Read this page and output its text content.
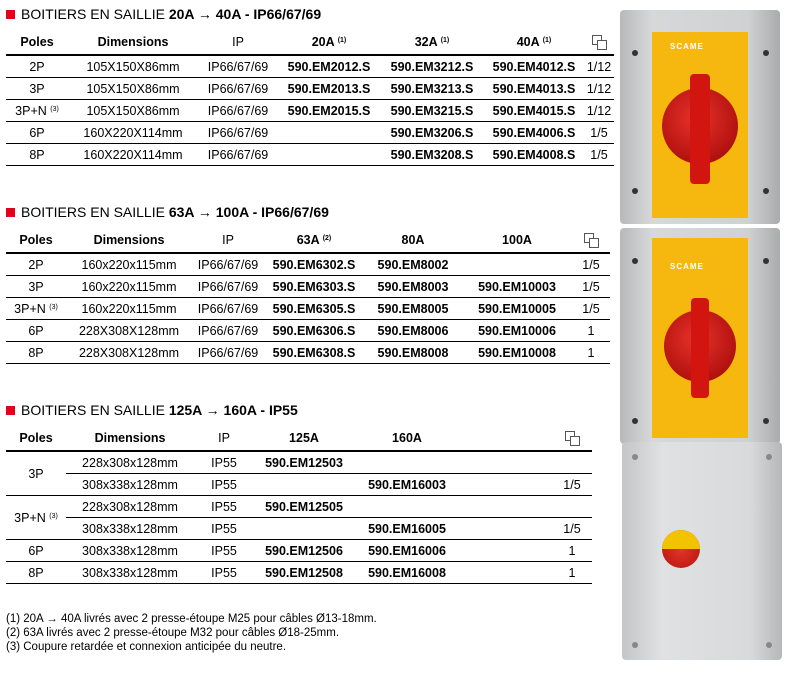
BOITIERS EN SAILLIE
20A → 40A - IP66/67/69
Poles	Dimensions	IP	20A $^{(1)}$	32A $^{(1)}$	40A $^{(1)}$	

2P	105X150X86mm	IP66/67/69	590.EM2012.S	590.EM3212.S	590.EM4012.S	1/12
3P	105X150X86mm	IP66/67/69	590.EM2013.S	590.EM3213.S	590.EM4013.S	1/12
3P+N $^{(3)}$	105X150X86mm	IP66/67/69	590.EM2015.S	590.EM3215.S	590.EM4015.S	1/12
6P	160X220X114mm	IP66/67/69		590.EM3206.S	590.EM4006.S	1/5
8P	160X220X114mm	IP66/67/69		590.EM3208.S	590.EM4008.S	1/5
BOITIERS EN SAILLIE
63A → 100A - IP66/67/69
Poles	Dimensions	IP	63A $^{(2)}$	80A	100A	

2P	160x220x115mm	IP66/67/69	590.EM6302.S	590.EM8002		1/5
3P	160x220x115mm	IP66/67/69	590.EM6303.S	590.EM8003	590.EM10003	1/5
3P+N $^{(3)}$	160x220x115mm	IP66/67/69	590.EM6305.S	590.EM8005	590.EM10005	1/5
6P	228X308X128mm	IP66/67/69	590.EM6306.S	590.EM8006	590.EM10006	1
8P	228X308X128mm	IP66/67/69	590.EM6308.S	590.EM8008	590.EM10008	1
BOITIERS EN SAILLIE
125A → 160A - IP55
Poles	Dimensions	IP	125A	160A		

3P	228x308x128mm	IP55	590.EM12503			
	308x338x128mm	IP55		590.EM16003		1/5
3P+N $^{(3)}$	228x308x128mm	IP55	590.EM12505			
	308x338x128mm	IP55		590.EM16005		1/5
6P	308x338x128mm	IP55	590.EM12506	590.EM16006		1
8P	308x338x128mm	IP55	590.EM12508	590.EM16008		1
(1) 20A → 40A livrés avec 2 presse-étoupe M25 pour câbles Ø13-18mm.
(2) 63A livrés avec 2 presse-étoupe M32 pour câbles Ø18-25mm.
(3) Coupure retardée et connexion anticipée du neutre.
SCAME
SCAME
